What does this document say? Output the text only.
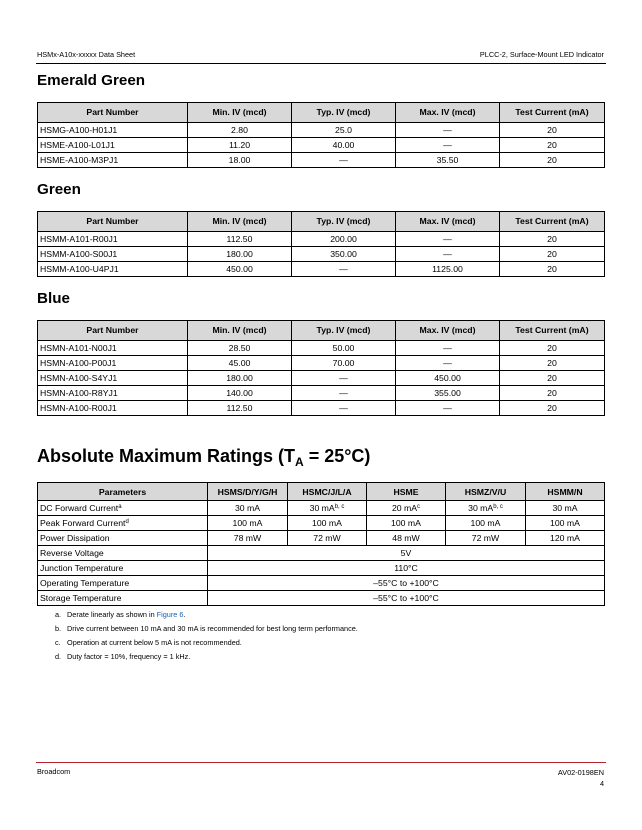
HSMx-A10x-xxxxx Data Sheet	PLCC-2, Surface-Mount LED Indicator
Emerald Green
Part Number	Min. IV (mcd)	Typ. IV (mcd)	Max. IV (mcd)	Test Current (mA)
HSMG-A100-H01J1	2.80	25.0	—	20
HSME-A100-L01J1	11.20	40.00	—	20
HSME-A100-M3PJ1	18.00	—	35.50	20
Green
Part Number	Min. IV (mcd)	Typ. IV (mcd)	Max. IV (mcd)	Test Current (mA)
HSMM-A101-R00J1	112.50	200.00	—	20
HSMM-A100-S00J1	180.00	350.00	—	20
HSMM-A100-U4PJ1	450.00	—	1125.00	20
Blue
Part Number	Min. IV (mcd)	Typ. IV (mcd)	Max. IV (mcd)	Test Current (mA)
HSMN-A101-N00J1	28.50	50.00	—	20
HSMN-A100-P00J1	45.00	70.00	—	20
HSMN-A100-S4YJ1	180.00	—	450.00	20
HSMN-A100-R8YJ1	140.00	—	355.00	20
HSMN-A100-R00J1	112.50	—	—	20
Absolute Maximum Ratings $(T_A = 25^\circ C)$
Parameters	HSMS/D/Y/G/H	HSMC/J/L/A	HSME	HSMZ/V/U	HSMM/N
DC Forward Current$^a$	30 mA	30 mA$^{b, c}$	20 $mA^c$	30 mA$^{b, c}$	30 mA
Peak Forward Current$^d$	100 mA	100 mA	100 mA	100 mA	100 mA
Power Dissipation	78 mW	72 mW	48 mW	72 mW	120 mA
Reverse Voltage	5V				
Junction Temperature	110°C				
Operating Temperature	–55°C to +100°C				
Storage Temperature	–55°C to +100°C				
a. Derate linearly as shown in Figure 6.
b. Drive current between 10 mA and 30 mA is recommended for best long term performance.
c. Operation at current below 5 mA is not recommended.
d. Duty factor = 10%, frequency = 1 kHz.
Broadcom	AV02-0198EN
4
